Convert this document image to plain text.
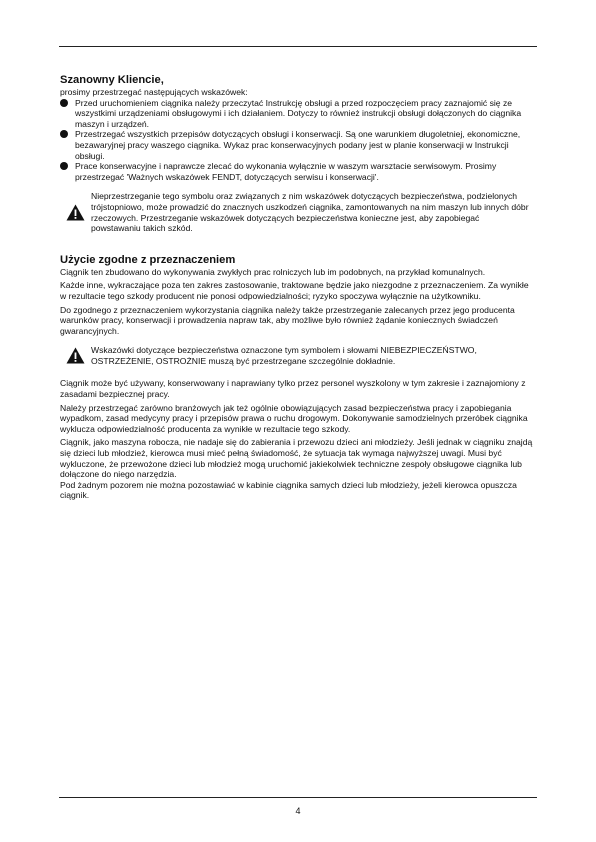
Szanowny Kliencie,

prosimy przestrzegać następujących wskazówek:

Przed uruchomieniem ciągnika należy przeczytać Instrukcję obsługi a przed rozpoczęciem pracy zaznajomić się ze wszystkimi urządzeniami obsługowymi i ich działaniem. Dotyczy to również instrukcji obsługi dołączonych do ciągnika maszyn i urządzeń.
Przestrzegać wszystkich przepisów dotyczących obsługi i konserwacji. Są one warunkiem długoletniej, ekonomiczne, bezawaryjnej pracy waszego ciągnika. Wykaz prac konserwacyjnych podany jest w planie konserwacji w Instrukcji obsługi.
Prace konserwacyjne i naprawcze zlecać do wykonania wyłącznie w waszym warsztacie serwisowym. Prosimy przestrzegać 'Ważnych wskazówek FENDT, dotyczących serwisu i konserwacji'.

Nieprzestrzeganie tego symbolu oraz związanych z nim wskazówek dotyczących bezpieczeństwa, podzielonych trójstopniowo, może prowadzić do znacznych uszkodzeń ciągnika, zamontowanych na nim maszyn lub innych dóbr rzeczowych. Przestrzeganie wskazówek dotyczących bezpieczeństwa konieczne jest, aby zapobiegać powstawaniu takich szkód.

Użycie zgodne z przeznaczeniem

Ciągnik ten zbudowano do wykonywania zwykłych prac rolniczych lub im podobnych, na przykład komunalnych.

Każde inne, wykraczające poza ten zakres zastosowanie, traktowane będzie jako niezgodne z przeznaczeniem. Za wynikłe w rezultacie tego szkody producent nie ponosi odpowiedzialności; ryzyko spoczywa wyłącznie na użytkowniku.

Do zgodnego z przeznaczeniem wykorzystania ciągnika należy także przestrzeganie zalecanych przez jego producenta warunków pracy, konserwacji i prowadzenia napraw tak, aby możliwe było również żądanie koniecznych świadczeń gwarancyjnych.

Wskazówki dotyczące bezpieczeństwa oznaczone tym symbolem i słowami NIEBEZPIECZEŃSTWO, OSTRZEŻENIE, OSTROŻNIE muszą być przestrzegane szczególnie dokładnie.

Ciągnik może być używany, konserwowany i naprawiany tylko przez personel wyszkolony w tym zakresie i zaznajomiony z zasadami bezpiecznej pracy.

Należy przestrzegać zarówno branżowych jak też ogólnie obowiązujących zasad bezpieczeństwa pracy i zapobiegania wypadkom, zasad medycyny pracy i przepisów prawa o ruchu drogowym. Dokonywanie samodzielnych przeróbek ciągnika wyklucza odpowiedzialność producenta za wynikłe w rezultacie tego szkody.

Ciągnik, jako maszyna robocza, nie nadaje się do zabierania i przewozu dzieci ani młodzieży. Jeśli jednak w ciągniku znajdą się dzieci lub młodzież, kierowca musi mieć pełną świadomość, że sytuacja tak wymaga najwyższej uwagi. Musi być wykluczone, że przewożone dzieci lub młodzież mogą uruchomić jakiekolwiek techniczne zespoły obsługowe ciągnika lub dołączone do niego narzędzia.

Pod żadnym pozorem nie można pozostawiać w kabinie ciągnika samych dzieci lub młodzieży, jeżeli kierowca opuszcza ciągnik.

4
